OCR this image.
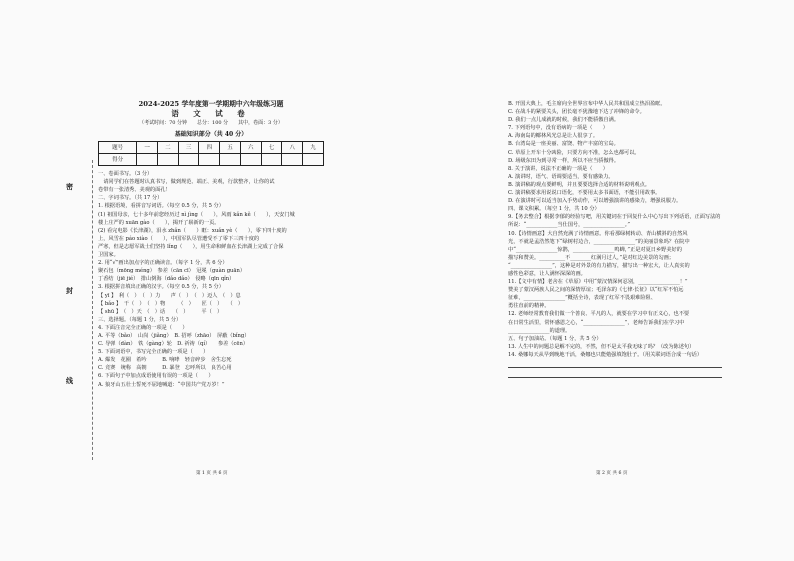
密
封
线
2024-2025 学年度第一学期期中六年级练习题
语 文 试 卷
（考试时间：70 分钟　　总分：100 分　　其中，卷面：3 分）
基础知识部分（共 40 分）
题号	一	二	三	四	五	六	七	八	九
得分									
一、卷面书写。（3 分）
　请同学们在答题时认真书写，做到规范、端正、美观，行款整齐，让你的试
卷带有一张清秀、美观的面孔！
二、字词书写。（共 17 分）
1. 根据语境，看拼音写词语。（每空 0.5 分，共 5 分）
(1) 祖国母亲，七十多年前您经历过 nì jìng（　　），风雨 kǎn kě（　　），天安门城
楼上庄严的 xuān gào（　　），揭开了崭新的一页。
(2) 看完电影《长津湖》，泪水 zhǎn（　　）眶：xuǎn yè（　　），零下四十度的
上，风雪在 páo xiào（　　），中国军队尽管遭受不了零下三四十度的
严寒，但是志愿军战士们坚持 lǐng（　　），用生命和鲜血在长津湖上完成了合保
卫国家。
2. 用“√”画出加点字的正确读音。（每字 1 分，共 6 分）
聚石包（mōng méng）　参差（cān cī）　冠冕（guàn guān）
丁香结（jiē jié）　排山倒海（dǎo dǎo）　侵略（qīn qǐn）
3. 根据拼音填出正确的汉字。（每空 0.5 分，共 5 分）
【 yī 】　利（　）　（　）力　　声（　）　（　）迈人　（　）息
【 bǎo 】　干（　）　（　）物　　　（　）　　匠（　）　　（　）
【 shū 】　（　）天　（　）话　　（　）　　　平（　）
三、选择题。（每题 1 分，共 5 分）
4. 下面注音完全正确的一项是（　　）
A. 平等（bǎo）　山岗（jiǎng）　B. 招呼（zhāo）　屏蔽（bǐng）
C. 导弹（dàn）　铁（gàng）轮　D. 祈祷（qí）　　参差（cēn）
5. 下面词语中，书写完全正确的一项是（　　）
A. 爆发　花圈　希吟　　　B. 响哮　轻音碎步　舍生忘死
C. 竞赛　统称　高朝　　　D. 暴登　忘呼所以　良苦心用
6. 下面句子中加点成语使用有误的一项是（　　）
A. 狼牙山五壮士誓死不屈地喊道：“中国共产党万岁！”
B. 开国大典上，毛主席向全世界宣布中华人民共和国成立热泪盈眶。
C. 在战斗的紧要关头，团长毫不犹豫地下达了冲锋的命令。
D. 我们一点儿成就的时候，我们不能骄傲自满。
7. 下列语句中，没有语病的一项是（　　）
A. 海南岛的椰林风光总是让人很享了。
B. 台湾岛是一座美丽、富饶、物产丰富的宝岛。
C. 草原上开车十分凶险，只要方向不准，怎么也都可以。
D. 场级东田为到寻常一样，所以不应当骄傲得。
8. 关于演讲，说法不正确的一项是（　　）
A. 演讲时，语气、语调要适当，要有感染力。
B. 演讲稿的观点要鲜明，并且要要选择合适的材料说明观点。
C. 演讲稿要求用说说口语化，不要用太多书面语，不能引用故事。
D. 在演讲时可以适当加入手势动作，可以增强演讲的感染力，增强说服力。
四、课文积累。（每空 1 分，共 10 分）
9.【务去整合】根据李郁的经验写吧，用关键词在于回复什么中心写出下列话语，正面写法的
所说：“____________当仕国号，________________。”
10.【诗情画意】大自然充满了诗情画意。你看那绿树转动、青山横斜的自然风
光，不就是孟浩然笔下“绿树村边合，________________”的美丽景象吗？在院中
中“________________惊鹊，________________鸣蝉，”正是对夏日乡野美好的
描写和赞美。__________不________红满月过人，”是对红边美景的勾画；
“________________”，这种是对外景的有力描写，描写出一种宏大，让人真实的
感性色彩意，让人满怀深深的画。
11.【文中有情】老舍在《草原》中用“蒙汉情深何忍别，________________！”
赞美了蒙汉两族人民之间的深情厚谊；毛泽东的《七律·长征》以“红军不怕远
征难，________________”概括全诗，表现了红军不畏艰难险阻、
勇往直前的精神。
12. 老师经常教育我们做一个善良、平凡的人，就要在学习中有正义心，也不要
在日常生活里，常怀感恩之心，“________________”，老师告诉我们在学习中
________________的道理。
五、句子加油站。（每题 1 分，共 5 分）
13. 人生中的问题总是解不完的，不然，但不是太平我无味了吗？（改为陈述句）
14. 桑娜每天从早到晚地干活，桑娜也只能勉强填饱肚子。（用关联词语合成一句话）
第 1 页 共 6 页	第 2 页 共 6 页
